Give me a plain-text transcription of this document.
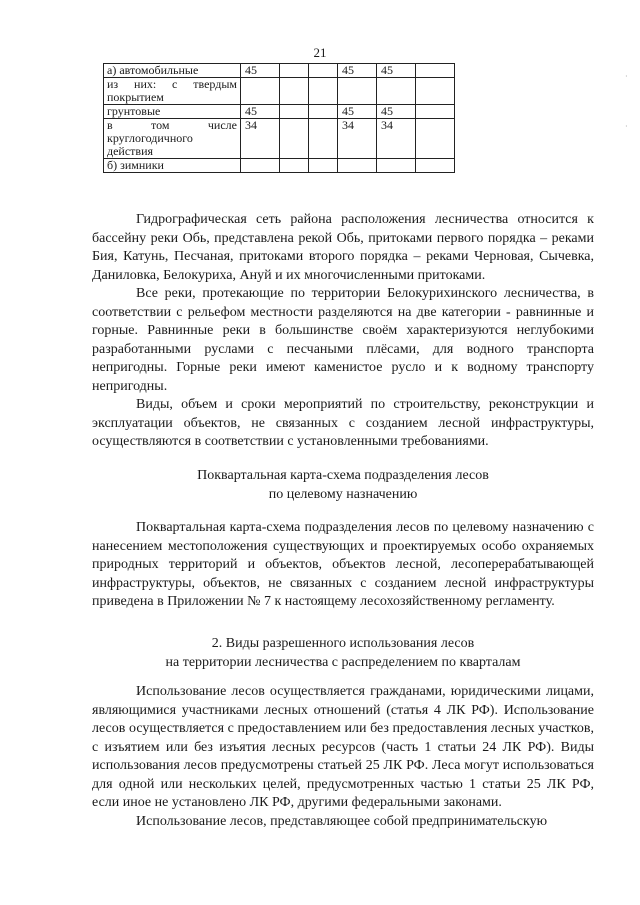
21
а) автомобильные	45			45	45	
из них: с твердым покрытием						
грунтовые	45			45	45	
в том числе круглогодичного действия	34			34	34	
б) зимники						

Гидрографическая сеть района расположения лесничества относится к бассейну реки Обь, представлена рекой Обь, притоками первого порядка – реками Бия, Катунь, Песчаная, притоками второго порядка – реками Черновая, Сычевка, Даниловка, Белокуриха, Ануй и их многочисленными притоками.

Все реки, протекающие по территории Белокурихинского лесничества, в соответствии с рельефом местности разделяются на две категории - равнинные и горные. Равнинные реки в большинстве своём характеризуются неглубокими разработанными руслами с песчаными плёсами, для водного транспорта непригодны. Горные реки имеют каменистое русло и к водному транспорту непригодны.

Виды, объем и сроки мероприятий по строительству, реконструкции и эксплуатации объектов, не связанных с созданием лесной инфраструктуры, осуществляются в соответствии с установленными требованиями.

Поквартальная карта-схема подразделения лесов
по целевому назначению

Поквартальная карта-схема подразделения лесов по целевому назначению с нанесением местоположения существующих и проектируемых особо охраняемых природных территорий и объектов, объектов лесной, лесоперерабатывающей инфраструктуры, объектов, не связанных с созданием лесной инфраструктуры приведена в Приложении № 7 к настоящему лесохозяйственному регламенту.

2. Виды разрешенного использования лесов
на территории лесничества с распределением по кварталам

Использование лесов осуществляется гражданами, юридическими лицами, являющимися участниками лесных отношений (статья 4 ЛК РФ). Использование лесов осуществляется с предоставлением или без предоставления лесных участков, с изъятием или без изъятия лесных ресурсов (часть 1 статьи 24 ЛК РФ). Виды использования лесов предусмотрены статьей 25 ЛК РФ. Леса могут использоваться для одной или нескольких целей, предусмотренных частью 1 статьи 25 ЛК РФ, если иное не установлено ЛК РФ, другими федеральными законами.

Использование лесов, представляющее собой предпринимательскую

·
·
